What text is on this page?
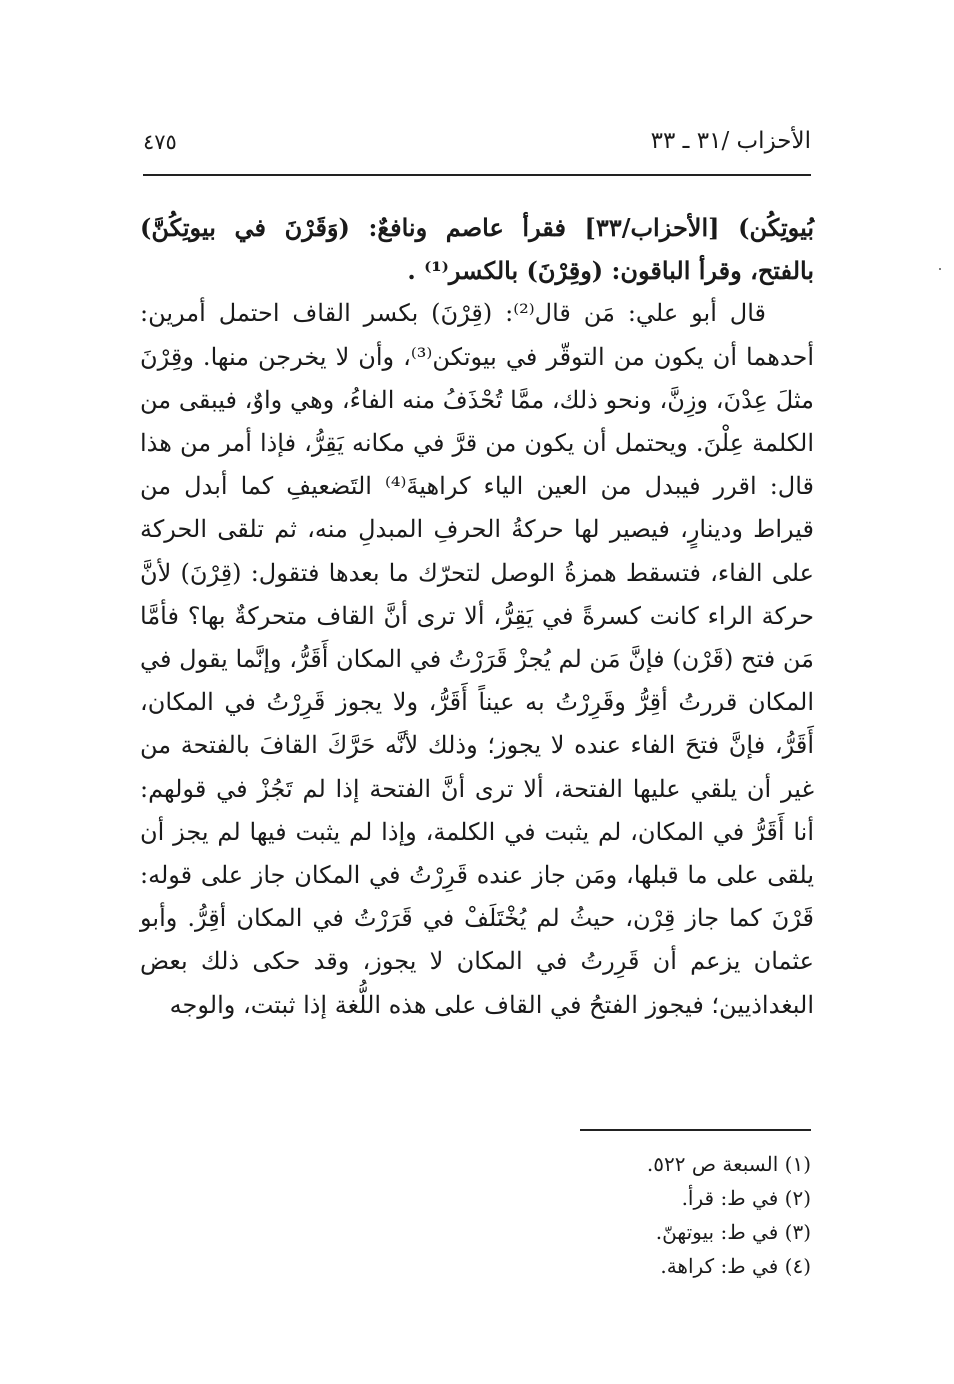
الأحزاب /٣١ ـ ٣٣
٤٧٥

بُيوتِكُن) [الأحزاب/٣٣] فقرأ عاصم ونافعٌ: (وَقَرْنَ في بيوتِكُنَّ) بالفتح، وقرأ الباقون: (وقِرْنَ) بالكسر⁽¹⁾ .

قال أبو علي: مَن قال⁽²⁾: (قِرْنَ) بكسر القاف احتمل أمرين: أحدهما أن يكون من التوقّر في بيوتكن⁽³⁾، وأن لا يخرجن منها. وقِرْنَ مثلَ عِدْنَ، وزِنَّ، ونحو ذلك، ممَّا تُحْذَفُ منه الفاءُ، وهي واوٌ، فيبقى من الكلمة عِلْنَ. ويحتمل أن يكون من قرَّ في مكانه يَقِرُّ، فإذا أمر من هذا قال: اقرر فيبدل من العين الياء كراهيةَ⁽⁴⁾ التَضعيفِ كما أبدل من قيراط ودينارٍ، فيصير لها حركةُ الحرفِ المبدلِ منه، ثم تلقى الحركة على الفاء، فتسقط همزةُ الوصل لتحرّك ما بعدها فتقول: (قِرْنَ) لأنَّ حركة الراء كانت كسرةً في يَقِرُّ، ألا ترى أنَّ القاف متحركةٌ بها؟ فأمَّا مَن فتح (قَرْن) فإنَّ مَن لم يُجزْ قَرَرْتُ في المكان أَقَرُّ، وإنَّما يقول في المكان قررتُ أقِرُّ وقَرِرْتُ به عيناً أَقَرُّ، ولا يجوز قَرِرْتُ في المكان، أَقَرُّ، فإنَّ فتحَ الفاء عنده لا يجوز؛ وذلك لأنَّه حَرَّكَ القافَ بالفتحة من غير أن يلقي عليها الفتحة، ألا ترى أنَّ الفتحة إذا لم تَجُزْ في قولهم: أنا أَقَرُّ في المكان، لم يثبت في الكلمة، وإذا لم يثبت فيها لم يجز أن يلقى على ما قبلها، ومَن جاز عنده قَرِرْتُ في المكان جاز على قوله: قَرْنَ كما جاز قِرْن، حيثُ لم يُخْتَلَفْ في قَرَرْتُ في المكان أقِرُّ. وأبو عثمان يزعم أن قَرِرتُ في المكان لا يجوز، وقد حكى ذلك بعض البغداذيين؛ فيجوز الفتحُ في القاف على هذه اللُّغة إذا ثبتت، والوجه

(١) السبعة ص ٥٢٢.
(٢) في ط: قرأ.
(٣) في ط: بيوتهنّ.
(٤) في ط: كراهة.
